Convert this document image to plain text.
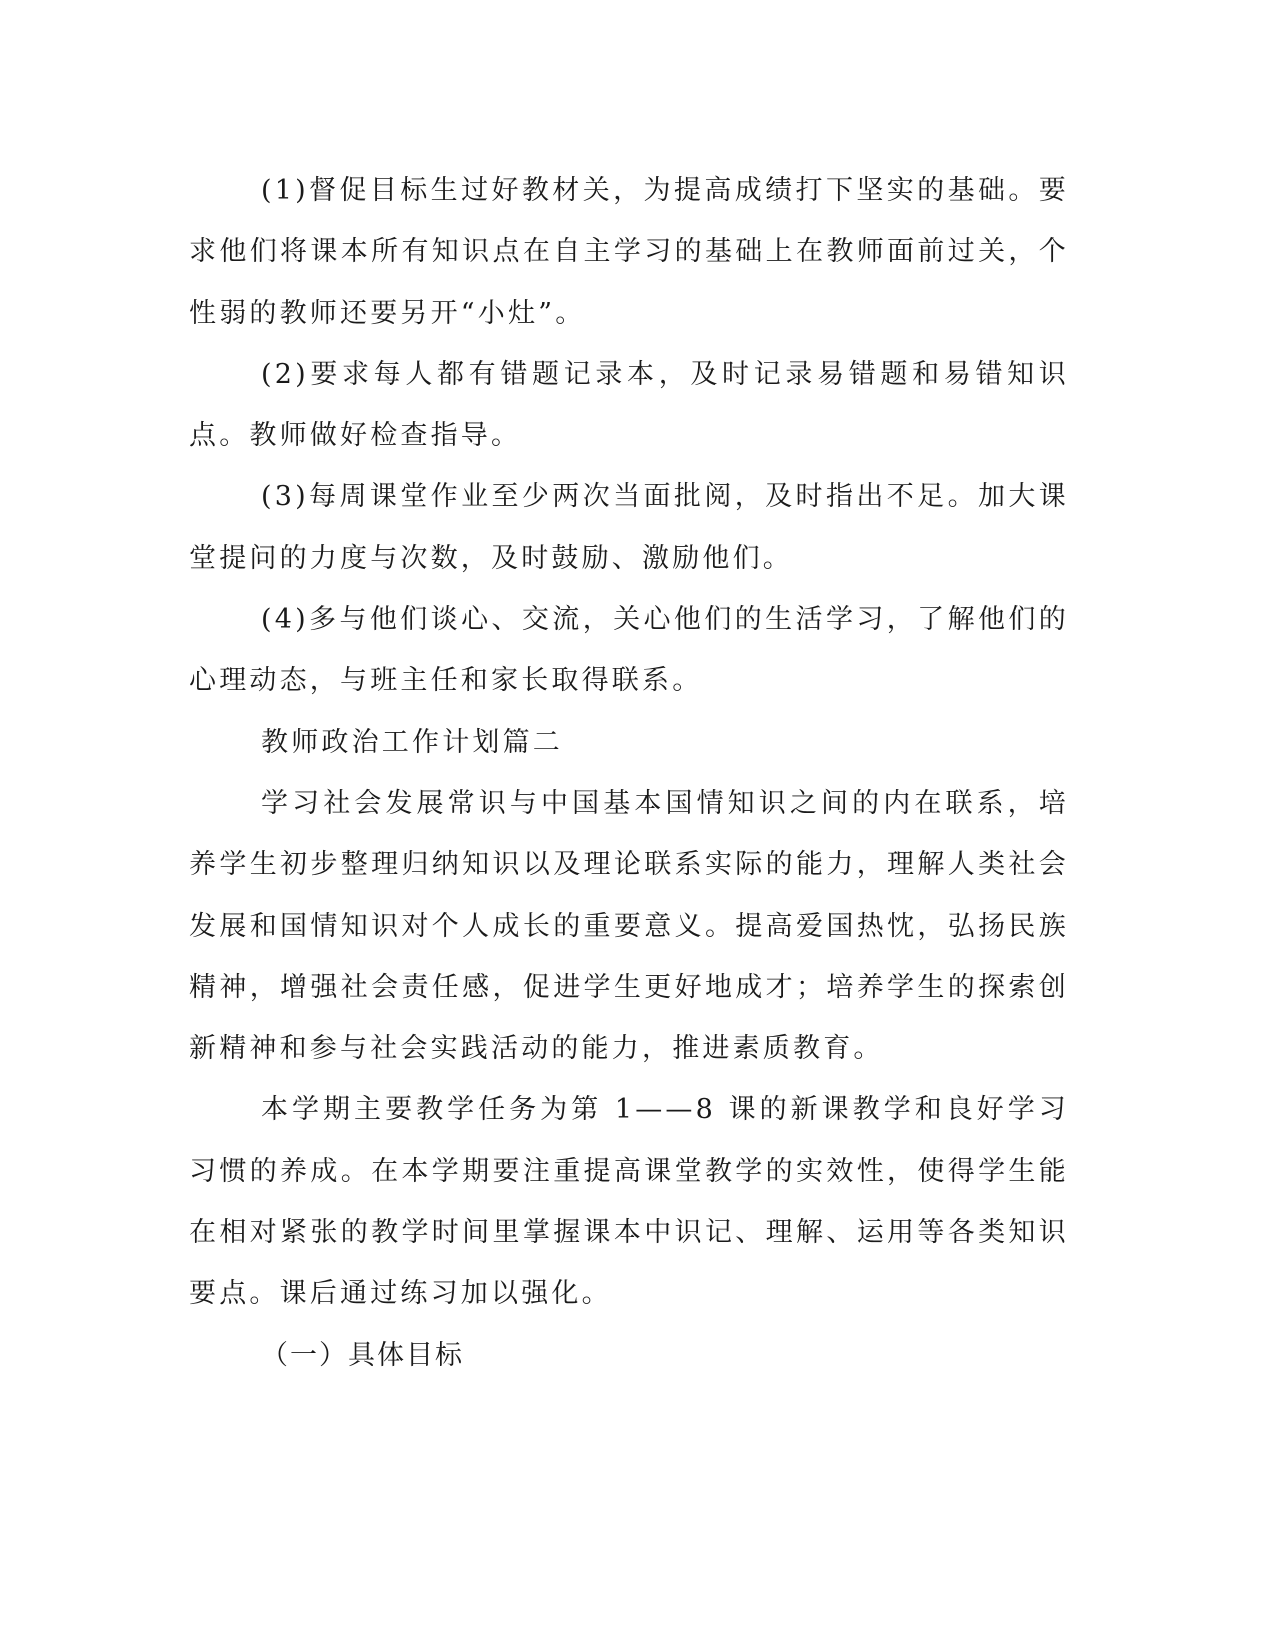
(1)督促目标生过好教材关，为提高成绩打下坚实的基础。要求他们将课本所有知识点在自主学习的基础上在教师面前过关，个性弱的教师还要另开“小灶”。

(2)要求每人都有错题记录本，及时记录易错题和易错知识点。教师做好检查指导。

(3)每周课堂作业至少两次当面批阅，及时指出不足。加大课堂提问的力度与次数，及时鼓励、激励他们。

(4)多与他们谈心、交流，关心他们的生活学习，了解他们的心理动态，与班主任和家长取得联系。

教师政治工作计划篇二

学习社会发展常识与中国基本国情知识之间的内在联系，培养学生初步整理归纳知识以及理论联系实际的能力，理解人类社会发展和国情知识对个人成长的重要意义。提高爱国热忱，弘扬民族精神，增强社会责任感，促进学生更好地成才；培养学生的探索创新精神和参与社会实践活动的能力，推进素质教育。

本学期主要教学任务为第 1——8 课的新课教学和良好学习习惯的养成。在本学期要注重提高课堂教学的实效性，使得学生能在相对紧张的教学时间里掌握课本中识记、理解、运用等各类知识要点。课后通过练习加以强化。

（一）具体目标
